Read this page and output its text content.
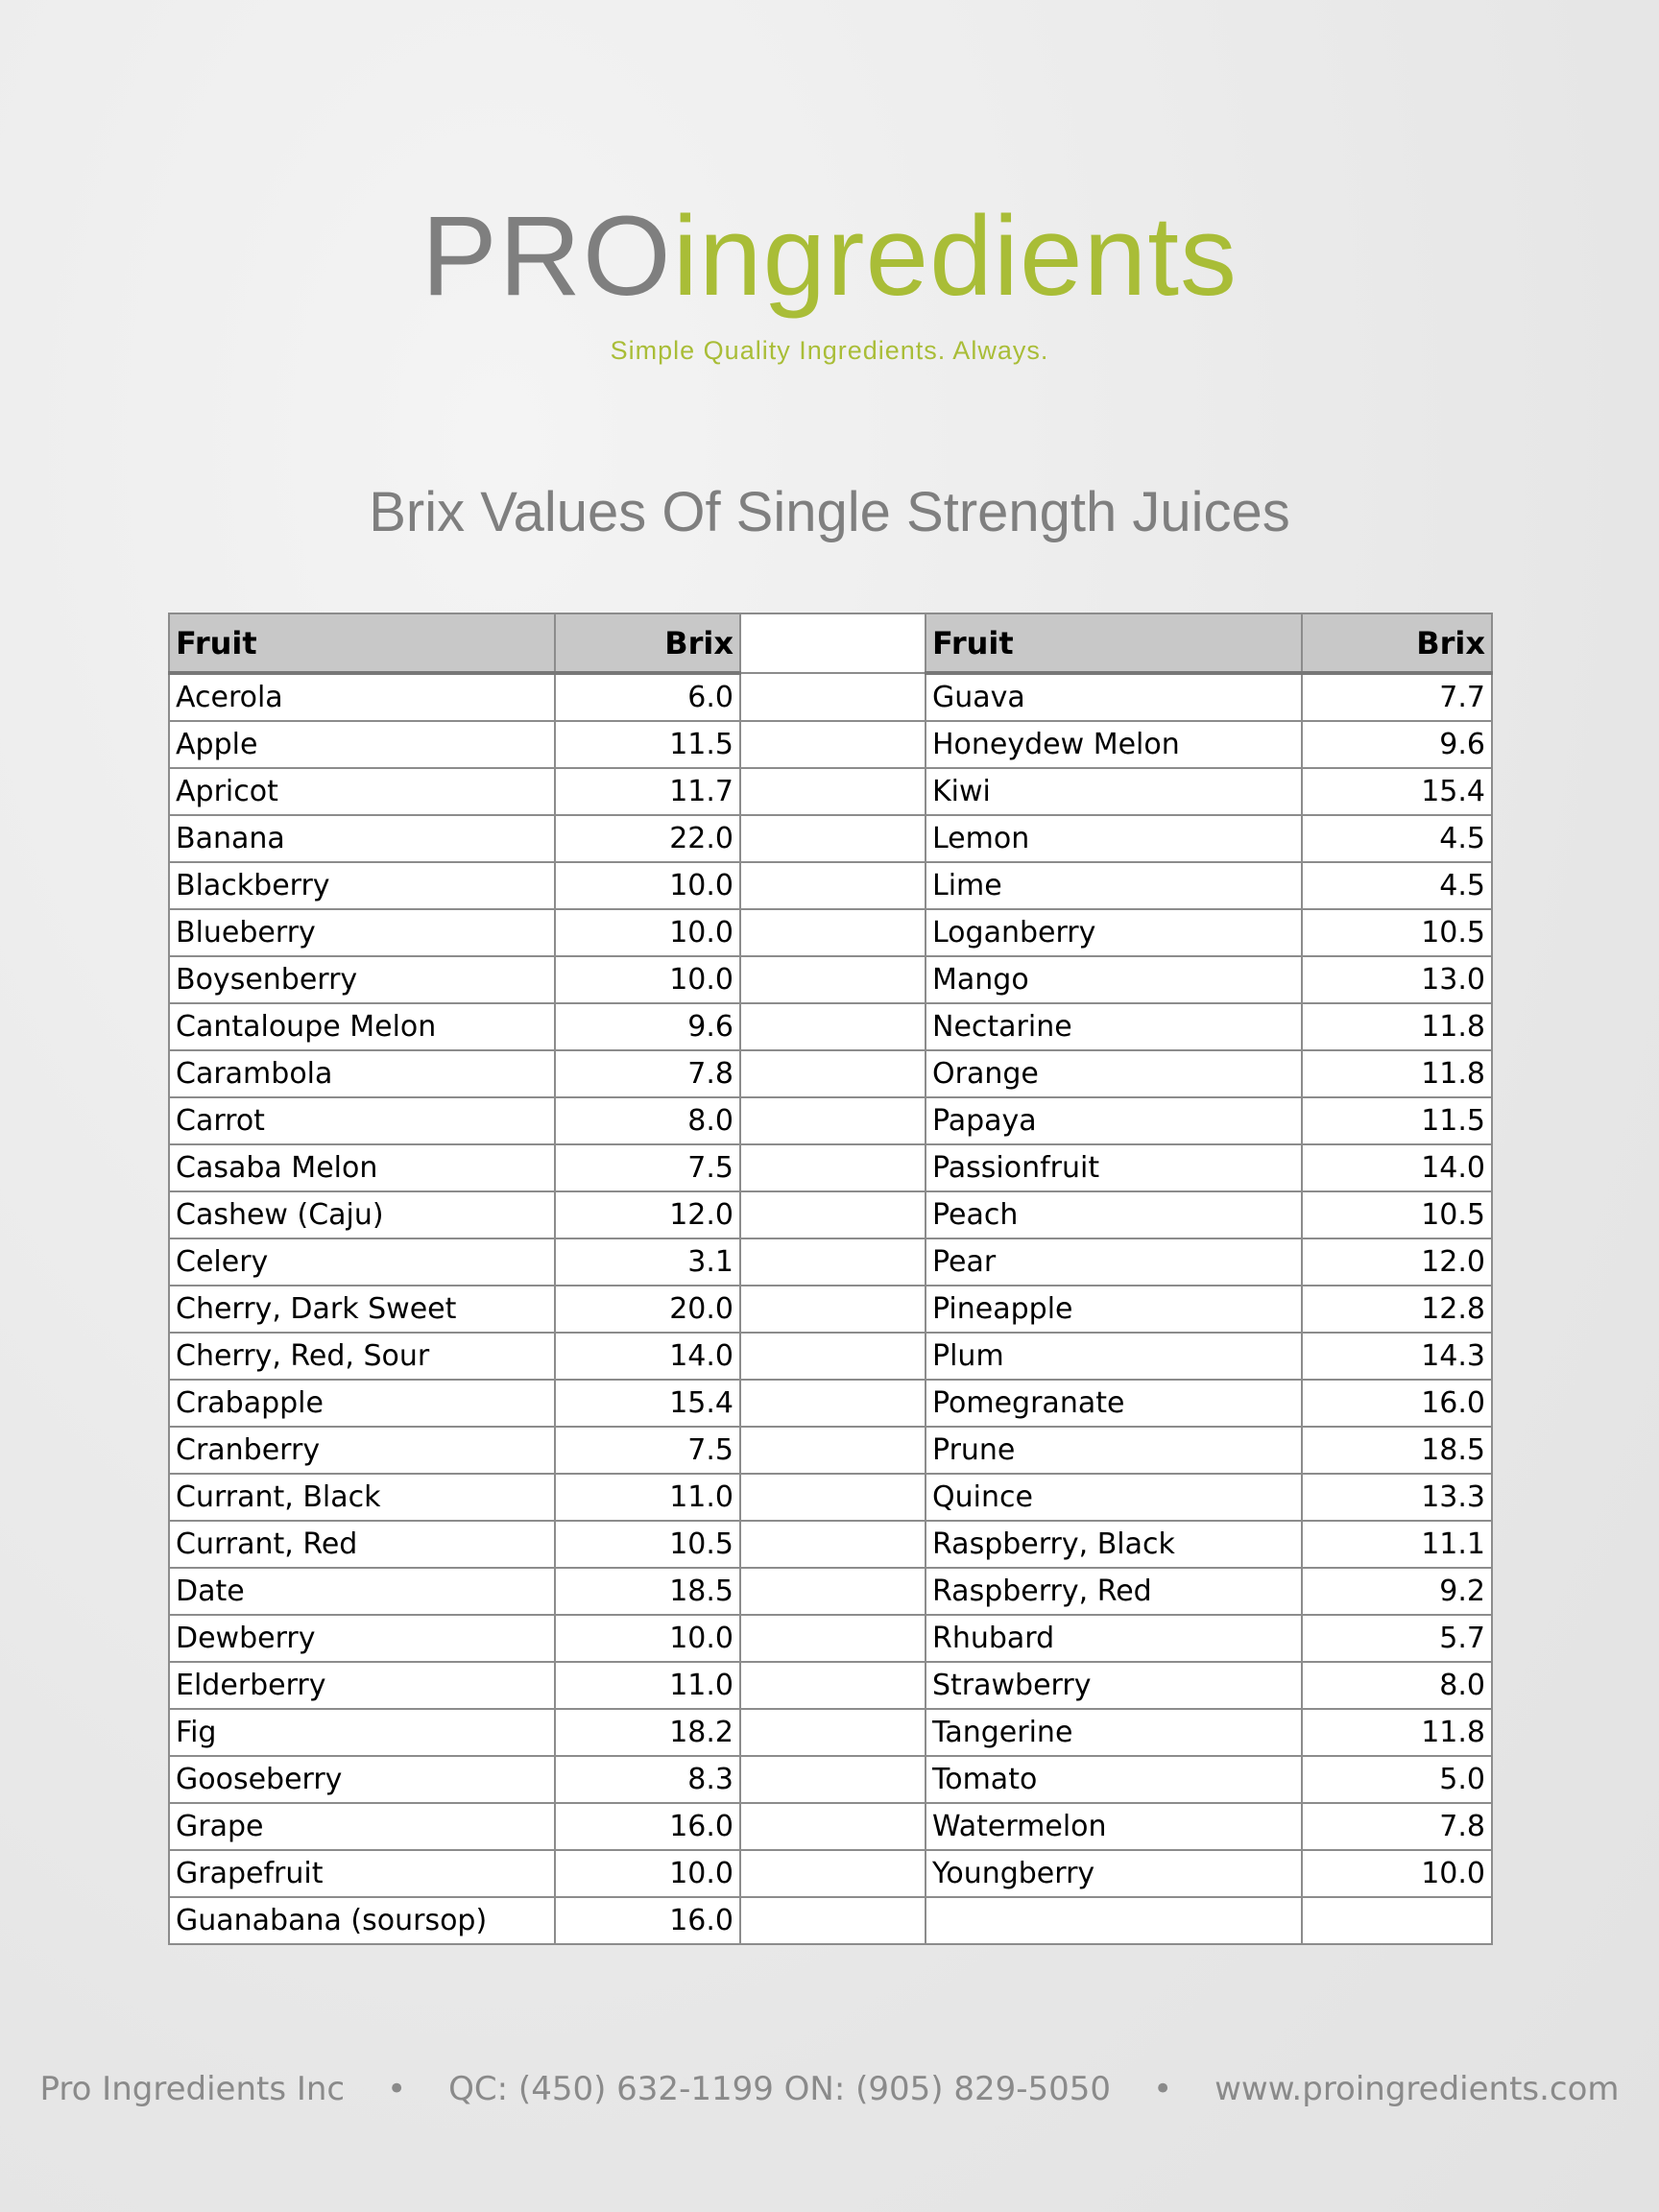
PROingredients
Simple Quality Ingredients. Always.
Brix Values Of Single Strength Juices
Fruit	Brix		Fruit	Brix
Acerola	6.0		Guava	7.7
Apple	11.5		Honeydew Melon	9.6
Apricot	11.7		Kiwi	15.4
Banana	22.0		Lemon	4.5
Blackberry	10.0		Lime	4.5
Blueberry	10.0		Loganberry	10.5
Boysenberry	10.0		Mango	13.0
Cantaloupe Melon	9.6		Nectarine	11.8
Carambola	7.8		Orange	11.8
Carrot	8.0		Papaya	11.5
Casaba Melon	7.5		Passionfruit	14.0
Cashew (Caju)	12.0		Peach	10.5
Celery	3.1		Pear	12.0
Cherry, Dark Sweet	20.0		Pineapple	12.8
Cherry, Red, Sour	14.0		Plum	14.3
Crabapple	15.4		Pomegranate	16.0
Cranberry	7.5		Prune	18.5
Currant, Black	11.0		Quince	13.3
Currant, Red	10.5		Raspberry, Black	11.1
Date	18.5		Raspberry, Red	9.2
Dewberry	10.0		Rhubard	5.7
Elderberry	11.0		Strawberry	8.0
Fig	18.2		Tangerine	11.8
Gooseberry	8.3		Tomato	5.0
Grape	16.0		Watermelon	7.8
Grapefruit	10.0		Youngberry	10.0
Guanabana (soursop)	16.0			
Pro Ingredients Inc • QC: (450) 632-1199 ON: (905) 829-5050 • www.proingredients.com
